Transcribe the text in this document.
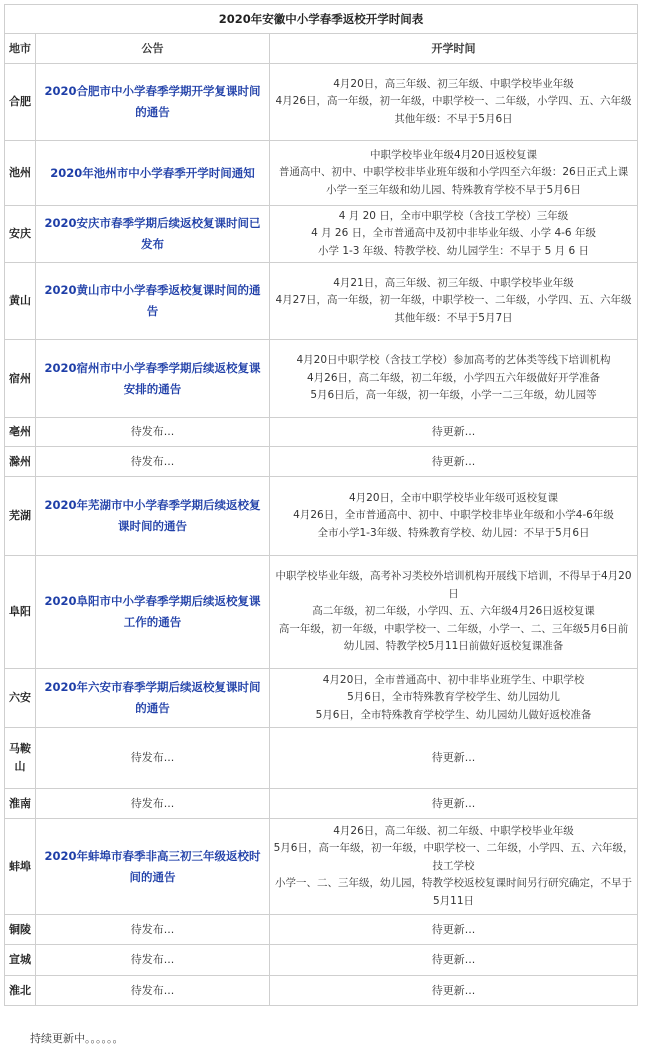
2020年安徽中小学春季返校开学时间表		
地市	公告	开学时间
合肥	2020合肥市中小学春季学期开学复课时间的通告	4月20日，高三年级、初三年级、中职学校毕业年级
4月26日，高一年级，初一年级，中职学校一、二年级，小学四、五、六年级
其他年级：不早于5月6日

池州	2020年池州市中小学春季开学时间通知	中职学校毕业年级4月20日返校复课
普通高中、初中、中职学校非毕业班年级和小学四至六年级：26日正式上课
小学一至三年级和幼儿园、特殊教育学校不早于5月6日

安庆	2020安庆市春季学期后续返校复课时间已发布	4 月 20 日，全市中职学校（含技工学校）三年级
4 月 26 日，全市普通高中及初中非毕业年级、小学 4-6 年级
小学 1-3 年级、特教学校、幼儿园学生：不早于 5 月 6 日

黄山	2020黄山市中小学春季返校复课时间的通告	4月21日，高三年级、初三年级、中职学校毕业年级
4月27日，高一年级，初一年级，中职学校一、二年级，小学四、五、六年级
其他年级：不早于5月7日

宿州	2020宿州市中小学春季学期后续返校复课安排的通告	4月20日中职学校（含技工学校）参加高考的艺体类等线下培训机构
4月26日，高二年级，初二年级，小学四五六年级做好开学准备
5月6日后，高一年级，初一年级，小学一二三年级，幼儿园等

亳州	待发布...	待更新...

滁州	待发布...	待更新...

芜湖	2020年芜湖市中小学春季学期后续返校复课时间的通告	4月20日，全市中职学校毕业年级可返校复课
4月26日，全市普通高中、初中、中职学校非毕业年级和小学4-6年级
全市小学1-3年级、特殊教育学校、幼儿园：不早于5月6日

阜阳	2020阜阳市中小学春季学期后续返校复课工作的通告	中职学校毕业年级，高考补习类校外培训机构开展线下培训，不得早于4月20日
高二年级，初二年级，小学四、五、六年级4月26日返校复课
高一年级，初一年级，中职学校一、二年级，小学一、二、三年级5月6日前
幼儿园、特教学校5月11日前做好返校复课准备

六安	2020年六安市春季学期后续返校复课时间的通告	4月20日，全市普通高中、初中非毕业班学生、中职学校
5月6日，全市特殊教育学校学生、幼儿园幼儿
5月6日，全市特殊教育学校学生、幼儿园幼儿做好返校准备

马鞍山	待发布...	待更新...

淮南	待发布...	待更新...

蚌埠	2020年蚌埠市春季非高三初三年级返校时间的通告	4月26日，高二年级、初二年级、中职学校毕业年级
5月6日，高一年级，初一年级，中职学校一、二年级，小学四、五、六年级，技工学校
小学一、二、三年级，幼儿园，特教学校返校复课时间另行研究确定，不早于5月11日

铜陵	待发布...	待更新...

宣城	待发布...	待更新...

淮北	待发布...	待更新...
持续更新中。。。。。。
